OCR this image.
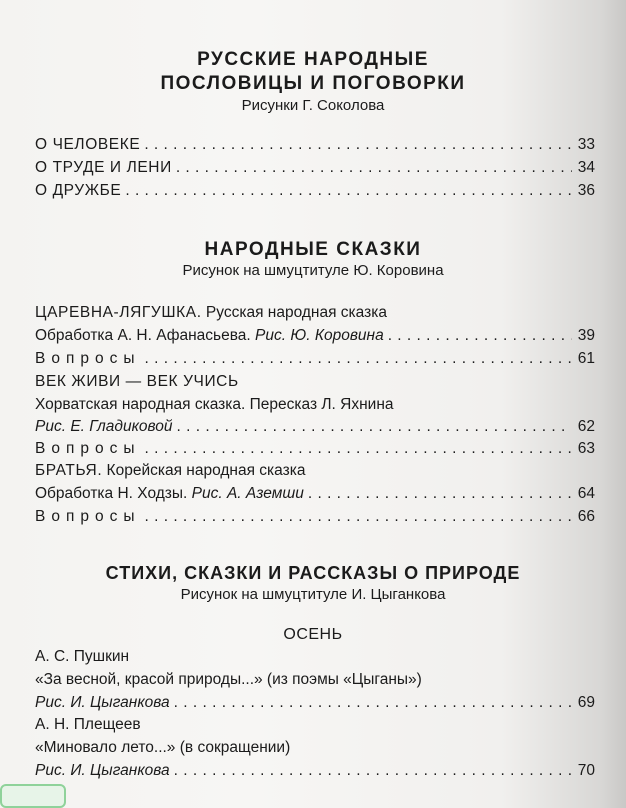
РУССКИЕ НАРОДНЫЕ
ПОСЛОВИЦЫ И ПОГОВОРКИ
Рисунки Г. Соколова
О ЧЕЛОВЕКЕ . . .	33
О ТРУДЕ И ЛЕНИ . . .	34
О ДРУЖБЕ . . .	36
НАРОДНЫЕ СКАЗКИ
Рисунок на шмуцтитуле Ю. Коровина
ЦАРЕВНА-ЛЯГУШКА. Русская народная сказка
Обработка А. Н. Афанасьева. Рис. Ю. Коровина . . .	39
Вопросы . . .	61
ВЕК ЖИВИ — ВЕК УЧИСЬ
Хорватская народная сказка. Пересказ Л. Яхнина
Рис. Е. Гладиковой . . .	62
Вопросы . . .	63
БРАТЬЯ. Корейская народная сказка
Обработка Н. Ходзы. Рис. А. Аземши . . .	64
Вопросы . . .	66
СТИХИ, СКАЗКИ И РАССКАЗЫ О ПРИРОДЕ
Рисунок на шмуцтитуле И. Цыганкова
ОСЕНЬ
А. С. Пушкин
«За весной, красой природы...» (из поэмы «Цыганы»)
Рис. И. Цыганкова . . .	69
А. Н. Плещеев
«Миновало лето...» (в сокращении)
Рис. И. Цыганкова . . .	70
